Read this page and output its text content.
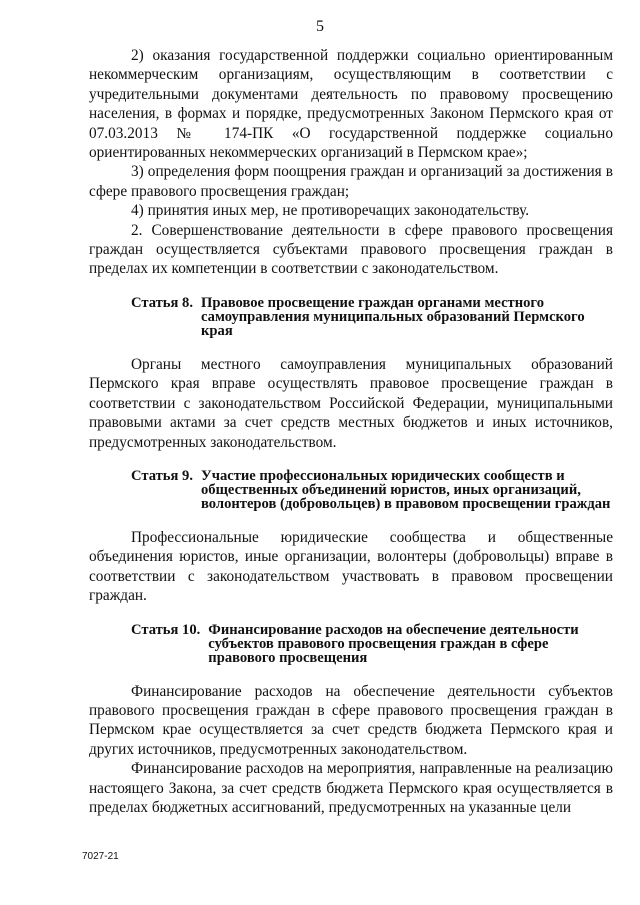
5

2) оказания государственной поддержки социально ориентированным некоммерческим организациям, осуществляющим в соответствии с учредительными документами деятельность по правовому просвещению населения, в формах и порядке, предусмотренных Законом Пермского края от 07.03.2013 № 174-ПК «О государственной поддержке социально ориентированных некоммерческих организаций в Пермском крае»;

3) определения форм поощрения граждан и организаций за достижения в сфере правового просвещения граждан;

4) принятия иных мер, не противоречащих законодательству.

2. Совершенствование деятельности в сфере правового просвещения граждан осуществляется субъектами правового просвещения граждан в пределах их компетенции в соответствии с законодательством.

Статья 8. Правовое просвещение граждан органами местного самоуправления муниципальных образований Пермского края

Органы местного самоуправления муниципальных образований Пермского края вправе осуществлять правовое просвещение граждан в соответствии с законодательством Российской Федерации, муниципальными правовыми актами за счет средств местных бюджетов и иных источников, предусмотренных законодательством.

Статья 9. Участие профессиональных юридических сообществ и общественных объединений юристов, иных организаций, волонтеров (добровольцев) в правовом просвещении граждан

Профессиональные юридические сообщества и общественные объединения юристов, иные организации, волонтеры (добровольцы) вправе в соответствии с законодательством участвовать в правовом просвещении граждан.

Статья 10. Финансирование расходов на обеспечение деятельности субъектов правового просвещения граждан в сфере правового просвещения

Финансирование расходов на обеспечение деятельности субъектов правового просвещения граждан в сфере правового просвещения граждан в Пермском крае осуществляется за счет средств бюджета Пермского края и других источников, предусмотренных законодательством.

Финансирование расходов на мероприятия, направленные на реализацию настоящего Закона, за счет средств бюджета Пермского края осуществляется в пределах бюджетных ассигнований, предусмотренных на указанные цели

7027-21
